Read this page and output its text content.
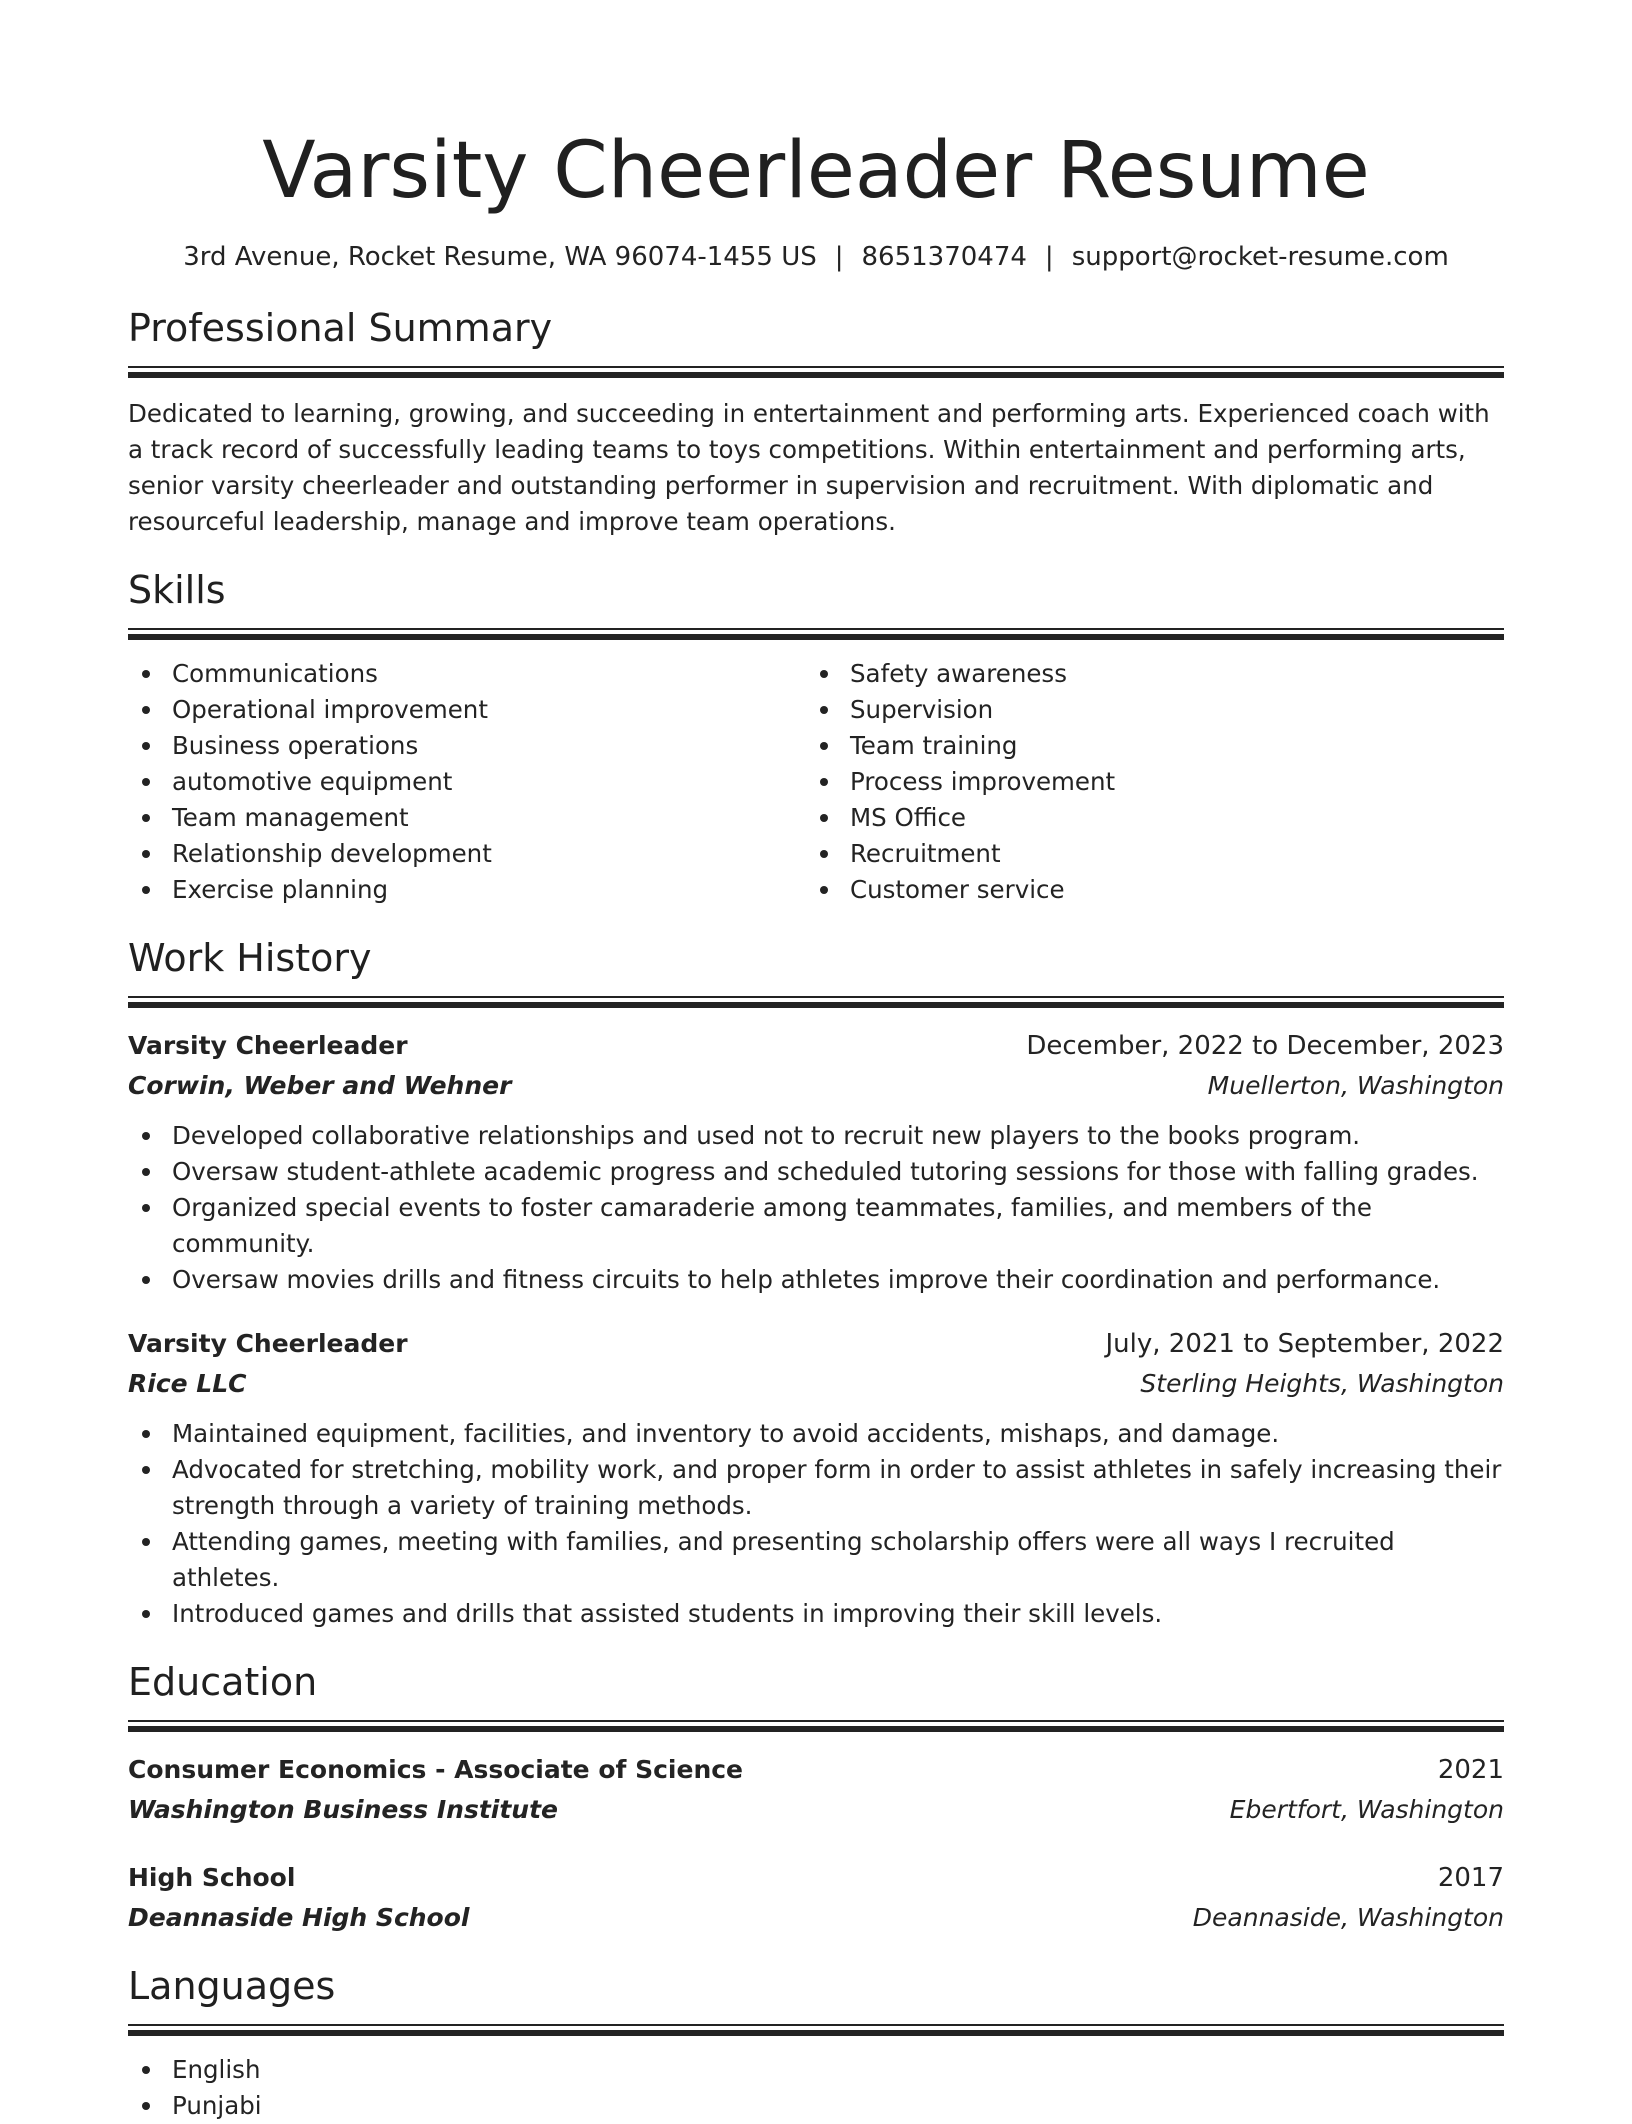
Varsity Cheerleader Resume
3rd Avenue, Rocket Resume, WA 96074-1455 US | 8651370474 | support@rocket-resume.com
Professional Summary

Dedicated to learning, growing, and succeeding in entertainment and performing arts. Experienced coach with a track record of successfully leading teams to toys competitions. Within entertainment and performing arts, senior varsity cheerleader and outstanding performer in supervision and recruitment. With diplomatic and resourceful leadership, manage and improve team operations.

Skills
Communications
Operational improvement
Business operations
automotive equipment
Team management
Relationship development
Exercise planning
Safety awareness
Supervision
Team training
Process improvement
MS Office
Recruitment
Customer service
Work History
Varsity Cheerleader	December, 2022 to December, 2023
Corwin, Weber and Wehner	Muellerton, Washington
Developed collaborative relationships and used not to recruit new players to the books program.
Oversaw student-athlete academic progress and scheduled tutoring sessions for those with falling grades.
Organized special events to foster camaraderie among teammates, families, and members of the community.
Oversaw movies drills and fitness circuits to help athletes improve their coordination and performance.
Varsity Cheerleader	July, 2021 to September, 2022
Rice LLC	Sterling Heights, Washington
Maintained equipment, facilities, and inventory to avoid accidents, mishaps, and damage.
Advocated for stretching, mobility work, and proper form in order to assist athletes in safely increasing their strength through a variety of training methods.
Attending games, meeting with families, and presenting scholarship offers were all ways I recruited athletes.
Introduced games and drills that assisted students in improving their skill levels.
Education
Consumer Economics - Associate of Science	2021
Washington Business Institute	Ebertfort, Washington
High School	2017
Deannaside High School	Deannaside, Washington
Languages
English
Punjabi
